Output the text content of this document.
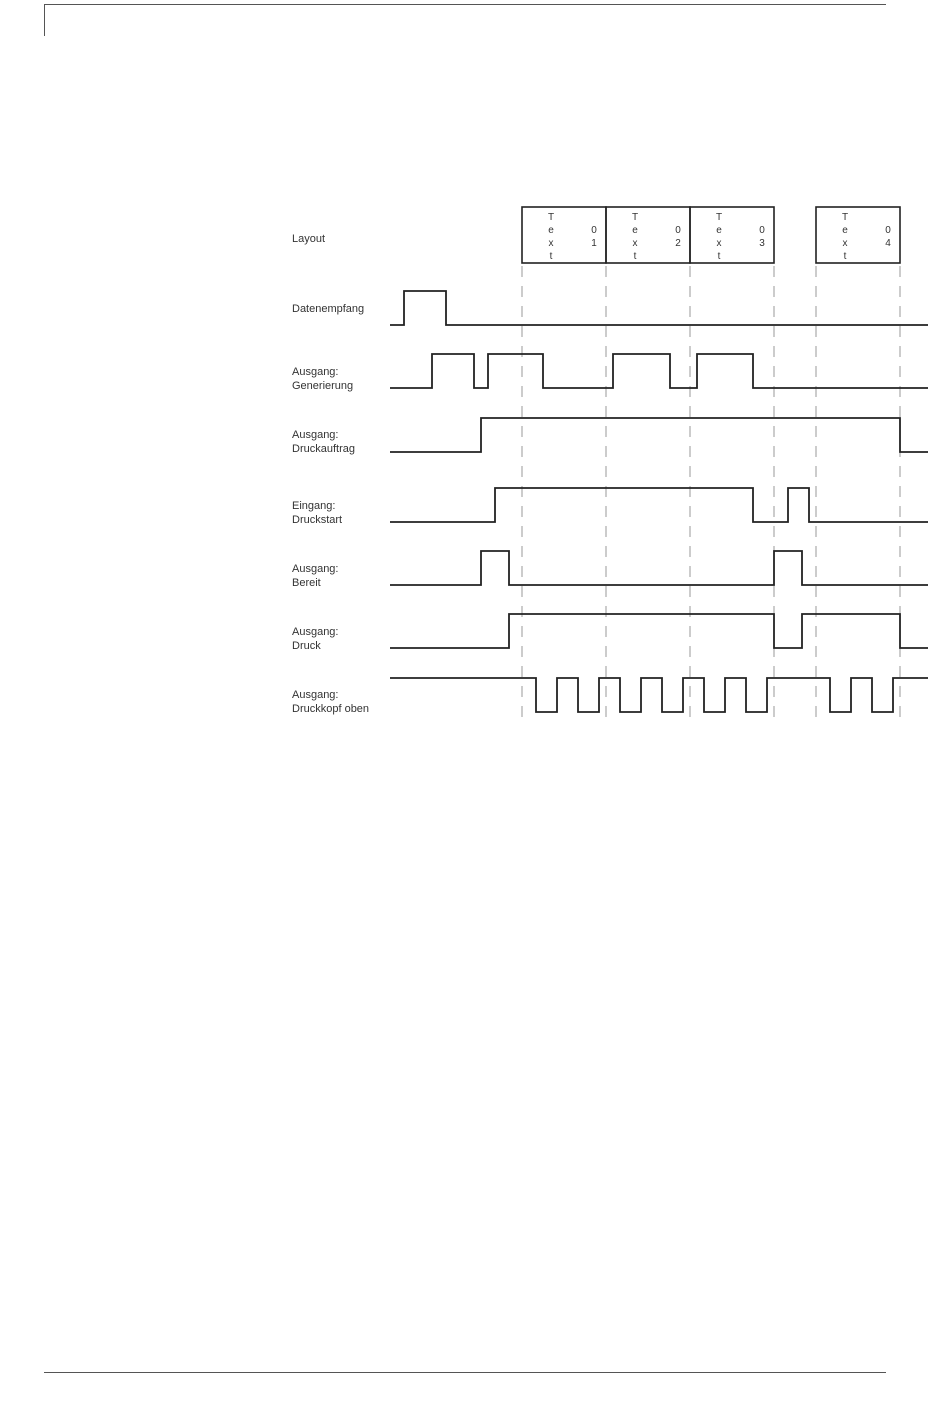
Layout
T
e
x
t
0
1
T
e
x
t
0
2
T
e
x
t
0
3
T
e
x
t
0
4
Datenempfang
Ausgang:
Generierung
Ausgang:
Druckauftrag
Eingang:
Druckstart
Ausgang:
Bereit
Ausgang:
Druck
Ausgang:
Druckkopf oben
